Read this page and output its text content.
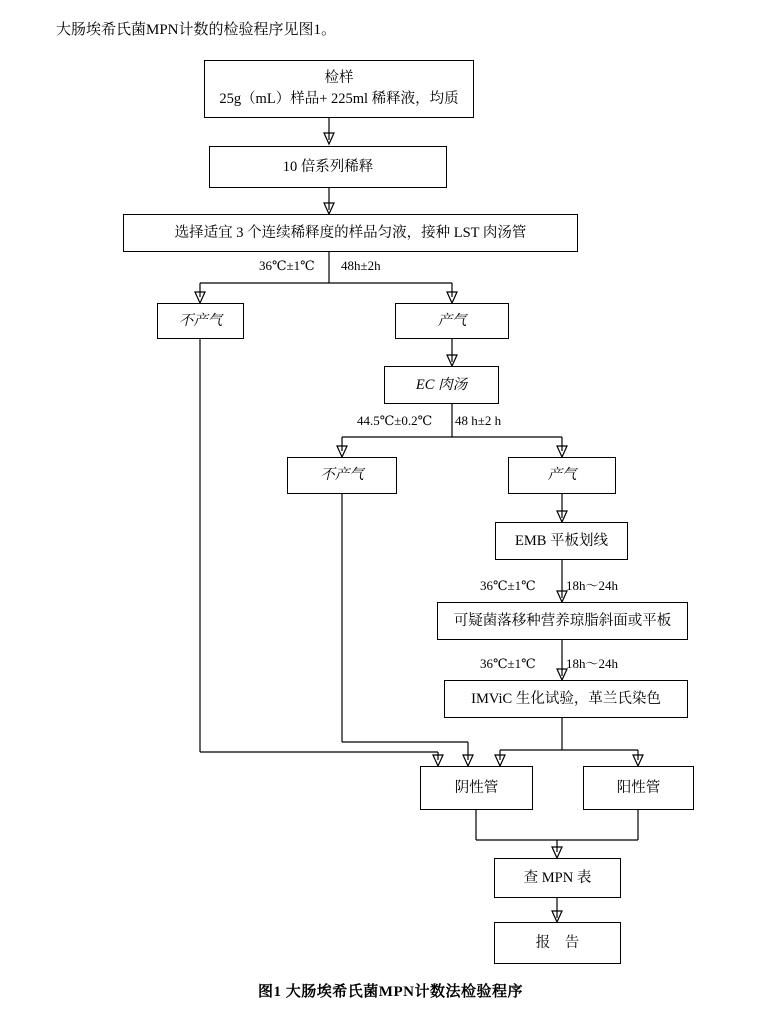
大肠埃希氏菌MPN计数的检验程序见图1。
检样
25g（mL）样品+ 225ml 稀释液，均质
10 倍系列稀释
选择适宜 3 个连续稀释度的样品匀液，接种 LST 肉汤管
36℃±1℃ 48h±2h
不产气	产气
EC 肉汤
44.5℃±0.2℃ 48 h±2 h
不产气	产气
EMB 平板划线
36℃±1℃ 18h～24h
可疑菌落移种营养琼脂斜面或平板
36℃±1℃ 18h～24h
IMViC 生化试验，革兰氏染色
阴性管	阳性管
查 MPN 表
报　告
图1 大肠埃希氏菌MPN计数法检验程序
